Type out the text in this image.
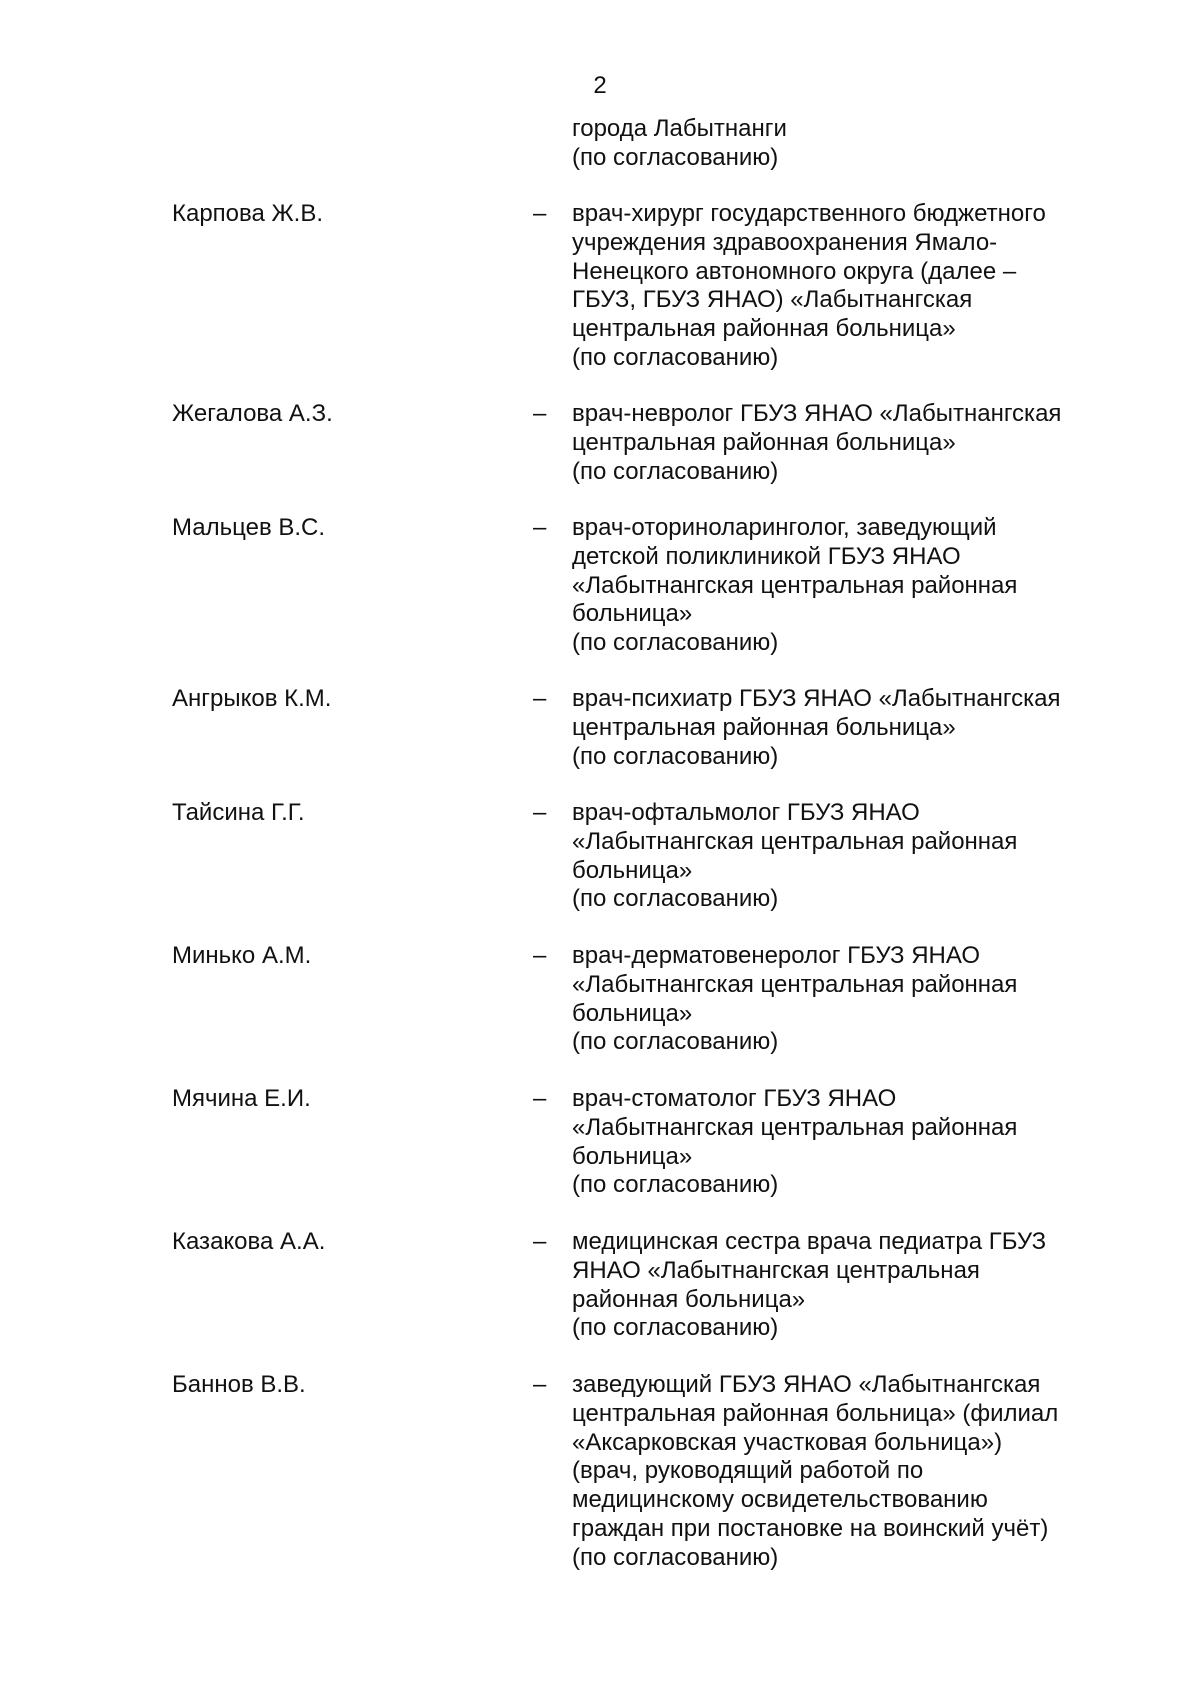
2
города Лабытнанги
(по согласованию)
Карпова Ж.В.	– врач-хирург государственного бюджетного
учреждения здравоохранения Ямало-
Ненецкого автономного округа (далее –
ГБУЗ, ГБУЗ ЯНАО) «Лабытнангская
центральная районная больница»
(по согласованию)
Жегалова А.З.	– врач-невролог ГБУЗ ЯНАО «Лабытнангская
центральная районная больница»
(по согласованию)
Мальцев В.С.	– врач-оториноларинголог, заведующий
детской поликлиникой ГБУЗ ЯНАО
«Лабытнангская центральная районная
больница»
(по согласованию)
Ангрыков К.М.	– врач-психиатр ГБУЗ ЯНАО «Лабытнангская
центральная районная больница»
(по согласованию)
Тайсина Г.Г.	– врач-офтальмолог ГБУЗ ЯНАО
«Лабытнангская центральная районная
больница»
(по согласованию)
Минько А.М.	– врач-дерматовенеролог ГБУЗ ЯНАО
«Лабытнангская центральная районная
больница»
(по согласованию)
Мячина Е.И.	– врач-стоматолог ГБУЗ ЯНАО
«Лабытнангская центральная районная
больница»
(по согласованию)
Казакова А.А.	– медицинская сестра врача педиатра ГБУЗ
ЯНАО «Лабытнангская центральная
районная больница»
(по согласованию)
Баннов В.В.	– заведующий ГБУЗ ЯНАО «Лабытнангская
центральная районная больница» (филиал
«Аксарковская участковая больница»)
(врач, руководящий работой по
медицинскому освидетельствованию
граждан при постановке на воинский учёт)
(по согласованию)
